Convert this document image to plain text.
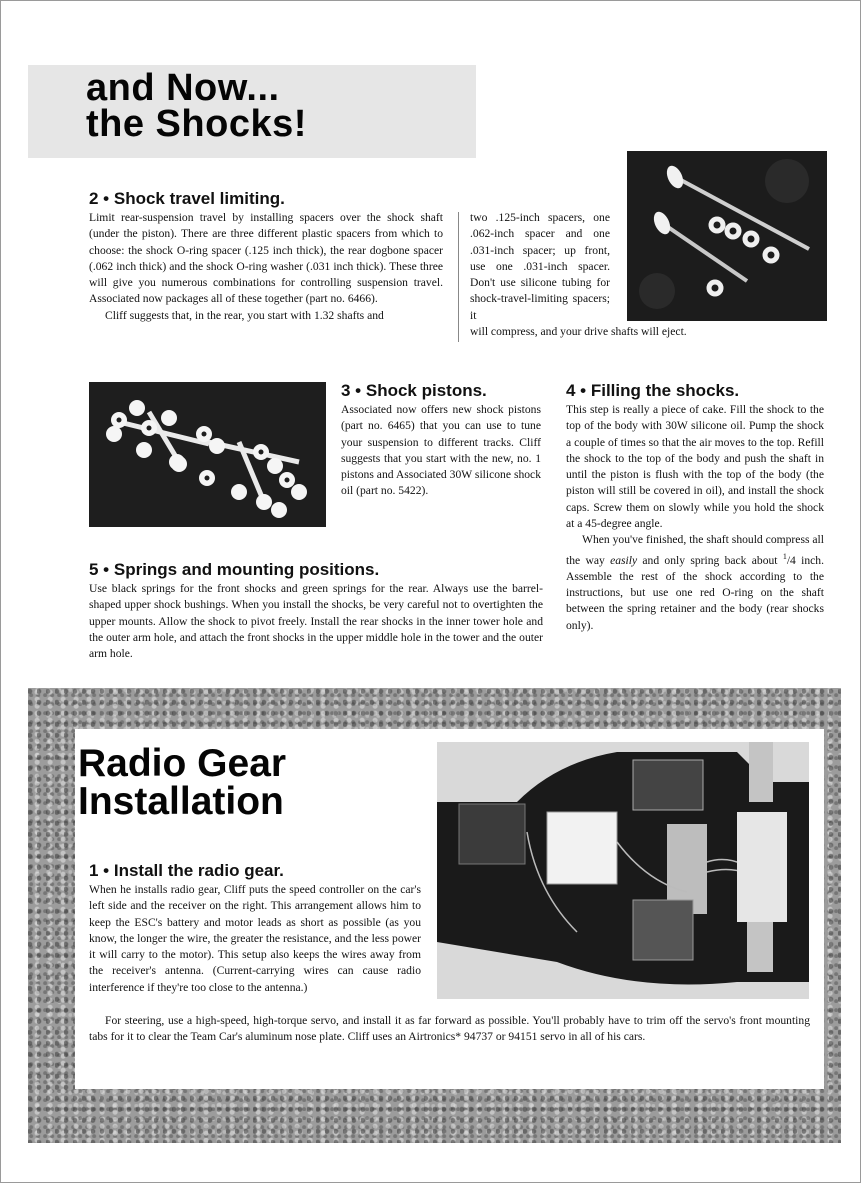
and Now...
the Shocks!
2 • Shock travel limiting.

Limit rear-suspension travel by installing spacers over the shock shaft (under the piston). There are three different plastic spacers from which to choose: the shock O-ring spacer (.125 inch thick), the rear dogbone spacer (.062 inch thick) and the shock O-ring washer (.031 inch thick). These three will give you numerous combinations for controlling suspension travel. Associated now packages all of these together (part no. 6466).

Cliff suggests that, in the rear, you start with 1.32 shafts and

two .125-inch spacers, one .062-inch spacer and one .031-inch spacer; up front, use one .031-inch spacer. Don't use silicone tubing for shock-travel-limiting spacers; it

will compress, and your drive shafts will eject.

3 • Shock pistons.
Associated now offers new shock pistons (part no. 6465) that you can use to tune your suspension to different tracks. Cliff suggests that you start with the new, no. 1 pistons and Associated 30W silicone shock oil (part no. 5422).
4 • Filling the shocks.

This step is really a piece of cake. Fill the shock to the top of the body with 30W silicone oil. Pump the shock a couple of times so that the air moves to the top. Refill the shock to the top of the body and push the shaft in until the piston is flush with the top of the body (the piston will still be covered in oil), and install the shock caps. Screw them on slowly while you hold the shock at a 45-degree angle.

When you've finished, the shaft should compress all the way easily and only spring back about $^1$/4 inch. Assemble the rest of the shock according to the instructions, but use one red O-ring on the shaft between the spring retainer and the body (rear shocks only).

5 • Springs and mounting positions.
Use black springs for the front shocks and green springs for the rear. Always use the barrel-shaped upper shock bushings. When you install the shocks, be very careful not to overtighten the upper mounts. Allow the shock to pivot freely. Install the rear shocks in the inner tower hole and the outer arm hole, and attach the front shocks in the upper middle hole in the tower and the outer arm hole.
Radio Gear
Installation
1 • Install the radio gear.
When he installs radio gear, Cliff puts the speed controller on the car's left side and the receiver on the right. This arrangement allows him to keep the ESC's battery and motor leads as short as possible (as you know, the longer the wire, the greater the resistance, and the less power it will carry to the motor). This setup also keeps the wires away from the receiver's antenna. (Current-carrying wires can cause radio interference if they're too close to the antenna.)

For steering, use a high-speed, high-torque servo, and install it as far forward as possible. You'll probably have to trim off the servo's front mounting tabs for it to clear the Team Car's aluminum nose plate. Cliff uses an Airtronics* 94737 or 94151 servo in all of his cars.
